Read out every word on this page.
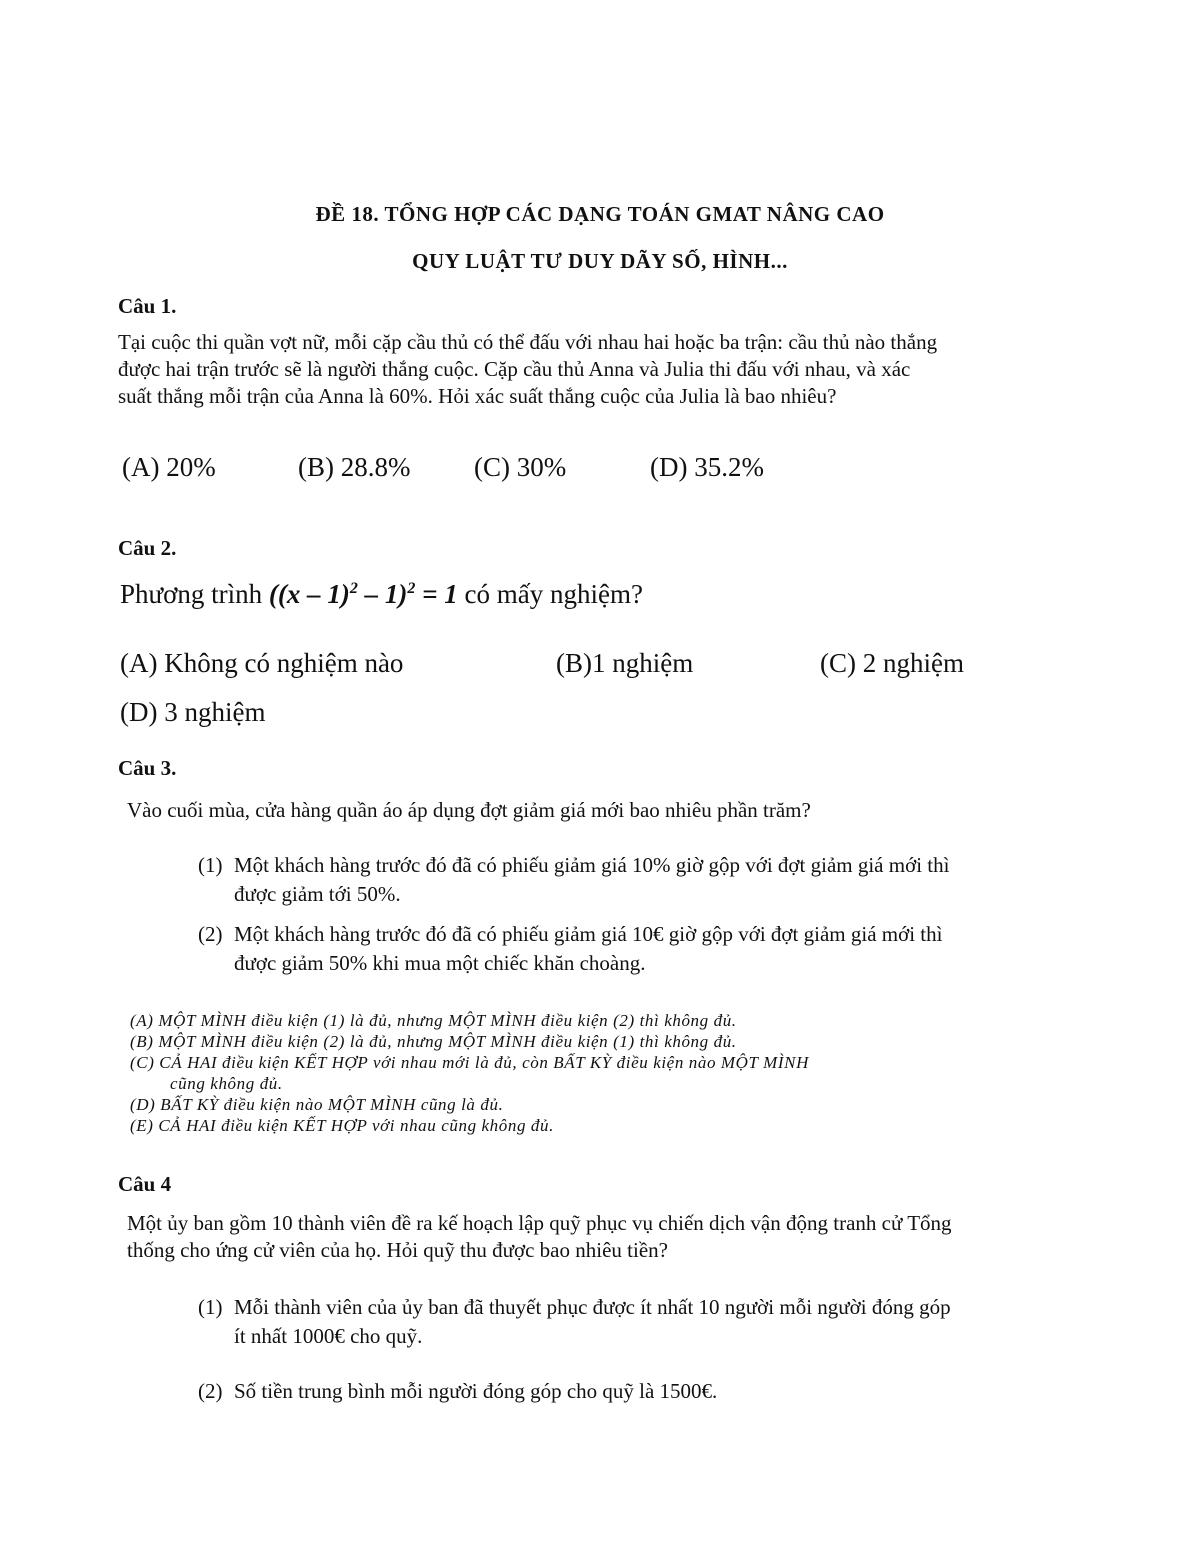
ĐỀ 18. TỔNG HỢP CÁC DẠNG TOÁN GMAT NÂNG CAO
QUY LUẬT TƯ DUY DÃY SỐ, HÌNH...
Câu 1.
Tại cuộc thi quần vợt nữ, mỗi cặp cầu thủ có thể đấu với nhau hai hoặc ba trận: cầu thủ nào thắng
được hai trận trước sẽ là người thắng cuộc. Cặp cầu thủ Anna và Julia thi đấu với nhau, và xác
suất thắng mỗi trận của Anna là 60%. Hỏi xác suất thắng cuộc của Julia là bao nhiêu?
(A) 20%	(B) 28.8% (C) 30%	(D) 35.2%
Câu 2.
Phương trình ((x – 1)$^2$ – 1)$^2$ = 1 có mấy nghiệm?
(A) Không có nghiệm nào	(B)1 nghiệm	(C) 2 nghiệm
(D) 3 nghiệm
Câu 3.
Vào cuối mùa, cửa hàng quần áo áp dụng đợt giảm giá mới bao nhiêu phần trăm?
(1) Một khách hàng trước đó đã có phiếu giảm giá 10% giờ gộp với đợt giảm giá mới thì
được giảm tới 50%.
(2) Một khách hàng trước đó đã có phiếu giảm giá 10€ giờ gộp với đợt giảm giá mới thì
được giảm 50% khi mua một chiếc khăn choàng.
(A) MỘT MÌNH điều kiện (1) là đủ, nhưng MỘT MÌNH điều kiện (2) thì không đủ.
(B) MỘT MÌNH điều kiện (2) là đủ, nhưng MỘT MÌNH điều kiện (1) thì không đủ.
(C) CẢ HAI điều kiện KẾT HỢP với nhau mới là đủ, còn BẤT KỲ điều kiện nào MỘT MÌNH
cũng không đủ.
(D) BẤT KỲ điều kiện nào MỘT MÌNH cũng là đủ.
(E) CẢ HAI điều kiện KẾT HỢP với nhau cũng không đủ.
Câu 4
Một ủy ban gồm 10 thành viên đề ra kế hoạch lập quỹ phục vụ chiến dịch vận động tranh cử Tổng
thống cho ứng cử viên của họ. Hỏi quỹ thu được bao nhiêu tiền?
(1) Mỗi thành viên của ủy ban đã thuyết phục được ít nhất 10 người mỗi người đóng góp
ít nhất 1000€ cho quỹ.
(2) Số tiền trung bình mỗi người đóng góp cho quỹ là 1500€.
